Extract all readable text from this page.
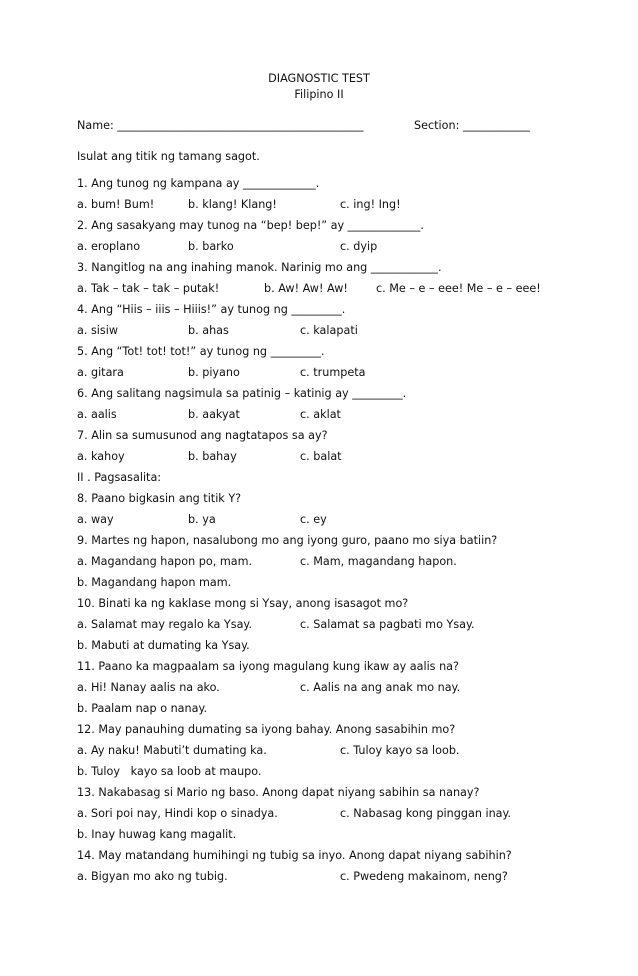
DIAGNOSTIC TEST
Filipino II
Name: ____________________________________________	Section: ____________
Isulat ang titik ng tamang sagot.
1. Ang tunog ng kampana ay _____________.
a. bum! Bum!	b. klang! Klang!	c. ing! Ing!
2. Ang sasakyang may tunog na “bep! bep!” ay _____________.
a. eroplano	b. barko	c. dyip
3. Nangitlog na ang inahing manok. Narinig mo ang ____________.
a. Tak – tak – tak – putak!	b. Aw! Aw! Aw!	c. Me – e – eee! Me – e – eee!
4. Ang “Hiis – iiis – Hiiis!” ay tunog ng _________.
a. sisiw	b. ahas	c. kalapati
5. Ang “Tot! tot! tot!” ay tunog ng _________.
a. gitara	b. piyano	c. trumpeta
6. Ang salitang nagsimula sa patinig – katinig ay _________.
a. aalis	b. aakyat	c. aklat
7. Alin sa sumusunod ang nagtatapos sa ay?
a. kahoy	b. bahay	c. balat
II . Pagsasalita:
8. Paano bigkasin ang titik Y?
a. way	b. ya	c. ey
9. Martes ng hapon, nasalubong mo ang iyong guro, paano mo siya batiin?
a. Magandang hapon po, mam.	c. Mam, magandang hapon.
b. Magandang hapon mam.
10. Binati ka ng kaklase mong si Ysay, anong isasagot mo?
a. Salamat may regalo ka Ysay.	c. Salamat sa pagbati mo Ysay.
b. Mabuti at dumating ka Ysay.
11. Paano ka magpaalam sa iyong magulang kung ikaw ay aalis na?
a. Hi! Nanay aalis na ako.	c. Aalis na ang anak mo nay.
b. Paalam nap o nanay.
12. May panauhing dumating sa iyong bahay. Anong sasabihin mo?
a. Ay naku! Mabuti’t dumating ka.	c. Tuloy kayo sa loob.
b. Tuloy   kayo sa loob at maupo.
13. Nakabasag si Mario ng baso. Anong dapat niyang sabihin sa nanay?
a. Sori poi nay, Hindi kop o sinadya.	c. Nabasag kong pinggan inay.
b. Inay huwag kang magalit.
14. May matandang humihingi ng tubig sa inyo. Anong dapat niyang sabihin?
a. Bigyan mo ako ng tubig.	c. Pwedeng makainom, neng?
